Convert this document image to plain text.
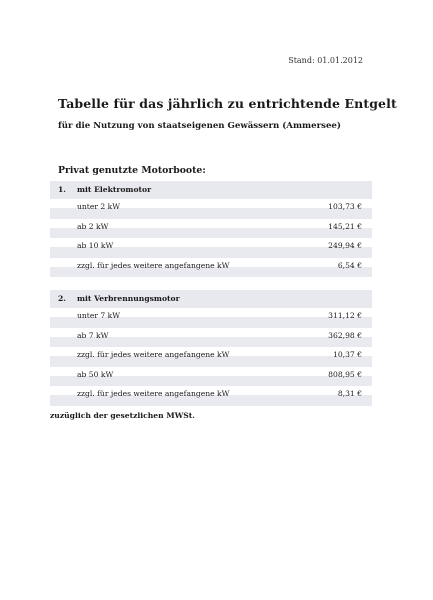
Stand: 01.01.2012
Tabelle für das jährlich zu entrichtende Entgelt
für die Nutzung von staatseigenen Gewässern (Ammersee)
Privat genutzte Motorboote:
1. mit Elektromotor
unter 2 kW	103,73 €
ab 2 kW	145,21 €
ab 10 kW	249,94 €
zzgl. für jedes weitere angefangene kW	6,54 €
2. mit Verbrennungsmotor
unter 7 kW	311,12 €
ab 7 kW	362,98 €
zzgl. für jedes weitere angefangene kW	10,37 €
ab 50 kW	808,95 €
zzgl. für jedes weitere angefangene kW	8,31 €
zuzüglich der gesetzlichen MWSt.
